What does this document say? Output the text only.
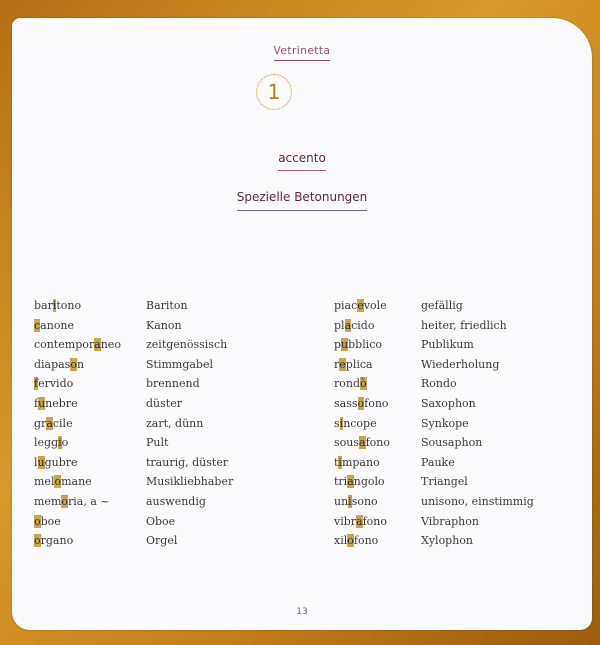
Vetrinetta
1
accento
Spezielle Betonungen
baritono	Bariton
canone	Kanon
contemporaneo zeitgenössisch
diapason	Stimmgabel
fervido	brennend
funebre	düster
gracile	zart, dünn
leggio	Pult
lugubre	traurig, düster
melomane	Musikliebhaber
memoria, a ~	auswendig
oboe	Oboe
organo	Orgel
piacevole	gefällig
placido	heiter, friedlich
pubblico	Publikum
replica	Wiederholung
rondò	Rondo
sassofono	Saxophon
sincope	Synkope
sousafono	Sousaphon
timpano	Pauke
triangolo	Triangel
unisono	unisono, einstimmig
vibrafono	Vibraphon
xilofono	Xylophon
13
